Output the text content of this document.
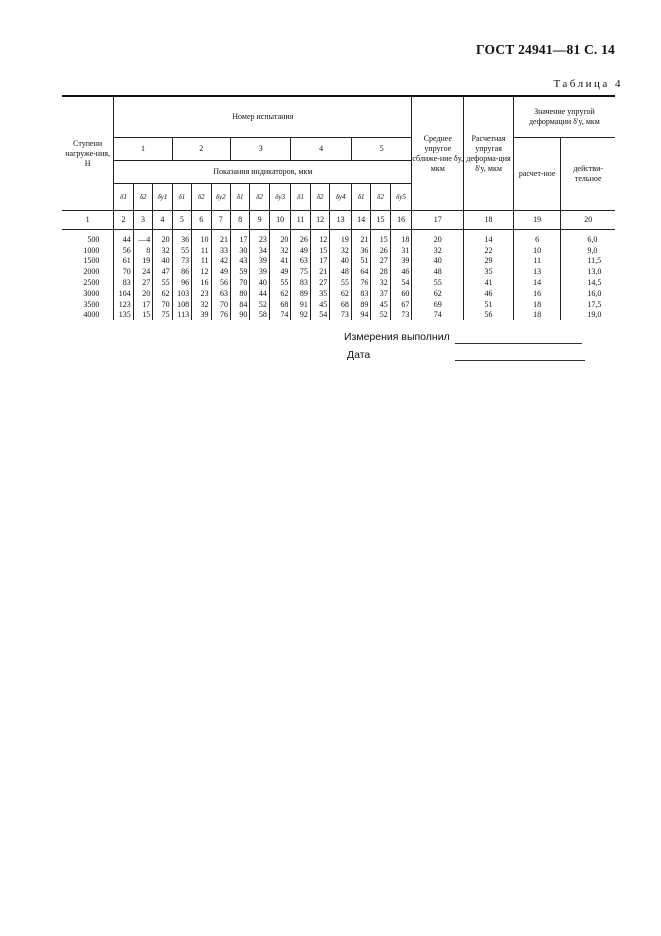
ГОСТ 24941—81 С. 14
Таблица 4
Ступени нагруже-ния, Н	Номер испытания															Среднее упругое сближе-ние δy, мкм	Расчетная упругая деформа-ция δ'y, мкм	Значение упругой деформации δ'y, мкм	
	1			2			3			4			5					расчет-ное	действи-тельное
	Показания индикаторов, мкм																		
	δ1	δ2	δy1	δ1	δ2	δy2	δ1	δ2	δy3	δ1	δ2	δy4	δ1	δ2	δy5				
1	2	3	4	5	6	7	8	9	10	11	12	13	14	15	16	17	18	19	20

500	44	—4	20	36	10	21	17	23	20	26	12	19	21	15	18	20	14	6	6,0
1000	56	8	32	55	11	33	30	34	32	49	15	32	36	26	31	32	22	10	9,0
1500	61	19	40	73	11	42	43	39	41	63	17	40	51	27	39	40	29	11	11,5
2000	70	24	47	86	12	49	59	39	49	75	21	48	64	28	46	48	35	13	13,0
2500	83	27	55	96	16	56	70	40	55	83	27	55	76	32	54	55	41	14	14,5
3000	104	20	62	103	23	63	80	44	62	89	35	62	83	37	60	62	46	16	16,0
3500	123	17	70	108	32	70	84	52	68	91	45	68	89	45	67	69	51	18	17,5
4000	135	15	75	113	39	76	90	58	74	92	54	73	94	52	73	74	56	18	19,0
Измерения выполнил
Дата
